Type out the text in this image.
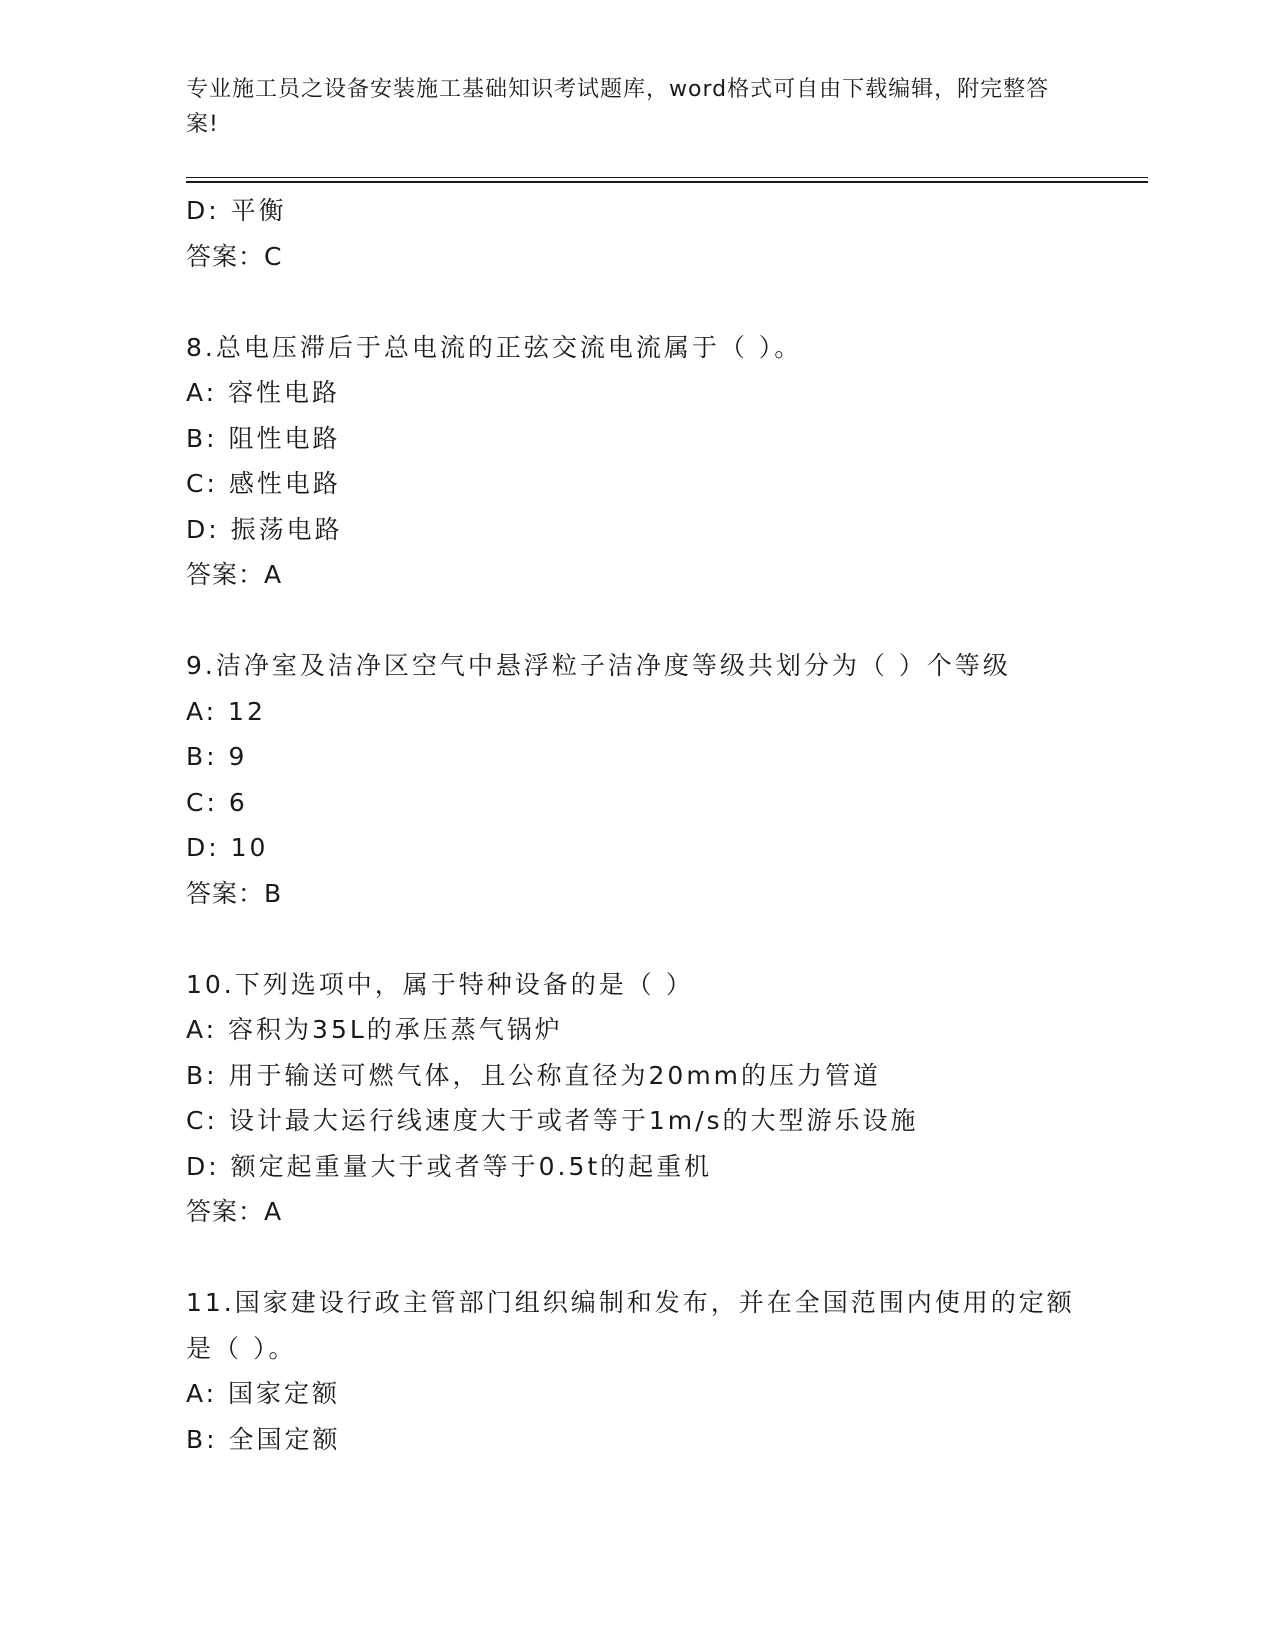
专业施工员之设备安装施工基础知识考试题库，word格式可自由下载编辑，附完整答案!
D: 平衡
答案：C
8.总电压滞后于总电流的正弦交流电流属于（ ）。
A: 容性电路
B: 阻性电路
C: 感性电路
D: 振荡电路
答案：A
9.洁净室及洁净区空气中悬浮粒子洁净度等级共划分为（ ）个等级
A: 12
B: 9
C: 6
D: 10
答案：B
10.下列选项中，属于特种设备的是（ ）
A: 容积为35L的承压蒸气锅炉
B: 用于输送可燃气体，且公称直径为20mm的压力管道
C: 设计最大运行线速度大于或者等于1m/s的大型游乐设施
D: 额定起重量大于或者等于0.5t的起重机
答案：A
11.国家建设行政主管部门组织编制和发布，并在全国范围内使用的定额是（ ）。
A: 国家定额
B: 全国定额
